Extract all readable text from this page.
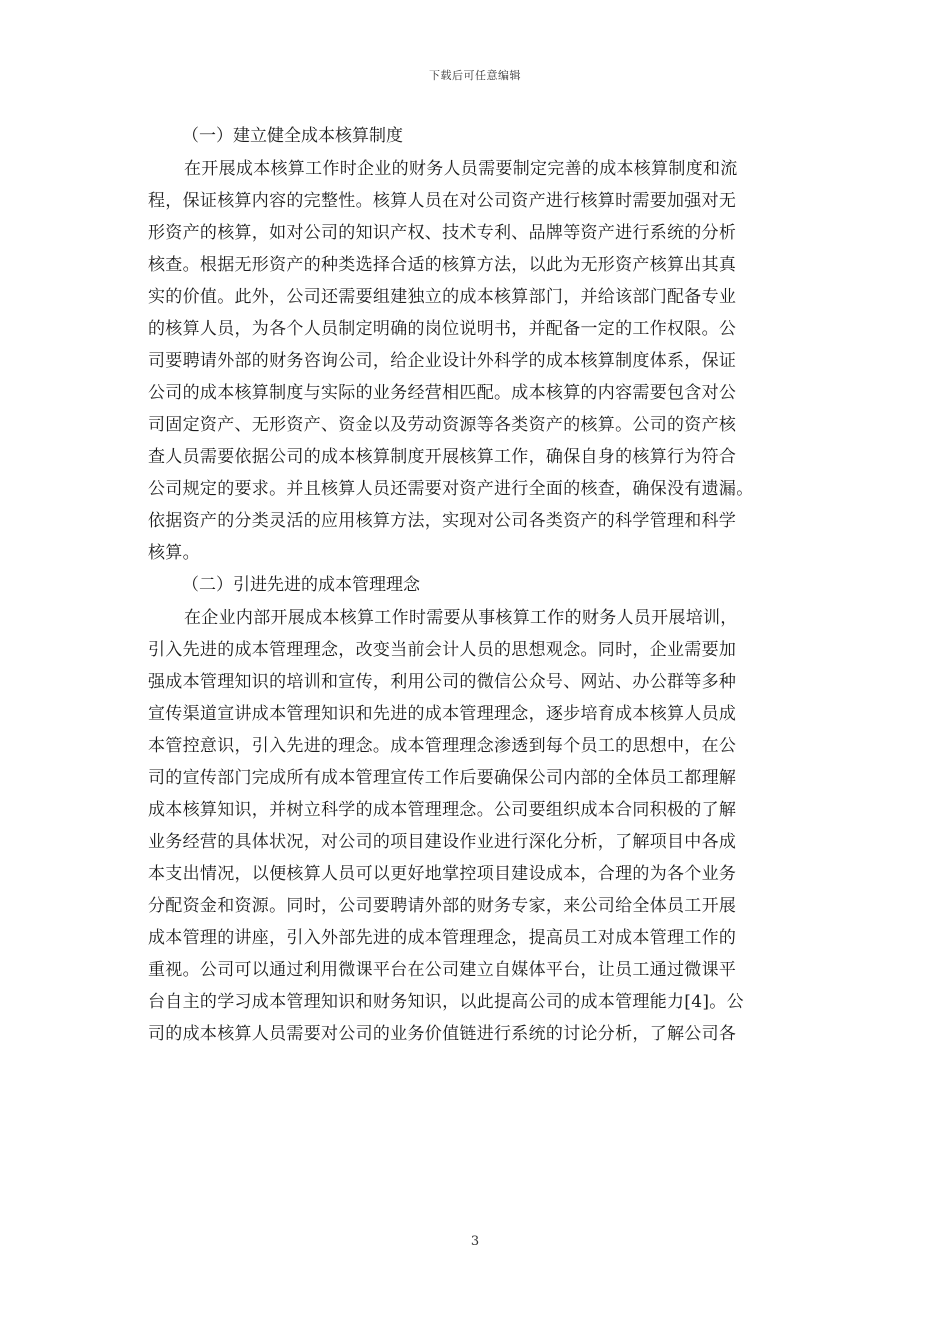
下载后可任意编辑
（一）建立健全成本核算制度
在开展成本核算工作时企业的财务人员需要制定完善的成本核算制度和流
程，保证核算内容的完整性。核算人员在对公司资产进行核算时需要加强对无
形资产的核算，如对公司的知识产权、技术专利、品牌等资产进行系统的分析
核查。根据无形资产的种类选择合适的核算方法，以此为无形资产核算出其真
实的价值。此外，公司还需要组建独立的成本核算部门，并给该部门配备专业
的核算人员，为各个人员制定明确的岗位说明书，并配备一定的工作权限。公
司要聘请外部的财务咨询公司，给企业设计外科学的成本核算制度体系，保证
公司的成本核算制度与实际的业务经营相匹配。成本核算的内容需要包含对公
司固定资产、无形资产、资金以及劳动资源等各类资产的核算。公司的资产核
查人员需要依据公司的成本核算制度开展核算工作，确保自身的核算行为符合
公司规定的要求。并且核算人员还需要对资产进行全面的核查，确保没有遗漏。
依据资产的分类灵活的应用核算方法，实现对公司各类资产的科学管理和科学
核算。
（二）引进先进的成本管理理念
在企业内部开展成本核算工作时需要从事核算工作的财务人员开展培训，
引入先进的成本管理理念，改变当前会计人员的思想观念。同时，企业需要加
强成本管理知识的培训和宣传，利用公司的微信公众号、网站、办公群等多种
宣传渠道宣讲成本管理知识和先进的成本管理理念，逐步培育成本核算人员成
本管控意识，引入先进的理念。成本管理理念渗透到每个员工的思想中，在公
司的宣传部门完成所有成本管理宣传工作后要确保公司内部的全体员工都理解
成本核算知识，并树立科学的成本管理理念。公司要组织成本合同积极的了解
业务经营的具体状况，对公司的项目建设作业进行深化分析，了解项目中各成
本支出情况，以便核算人员可以更好地掌控项目建设成本，合理的为各个业务
分配资金和资源。同时，公司要聘请外部的财务专家，来公司给全体员工开展
成本管理的讲座，引入外部先进的成本管理理念，提高员工对成本管理工作的
重视。公司可以通过利用微课平台在公司建立自媒体平台，让员工通过微课平
台自主的学习成本管理知识和财务知识，以此提高公司的成本管理能力[4]。公
司的成本核算人员需要对公司的业务价值链进行系统的讨论分析，了解公司各
3
